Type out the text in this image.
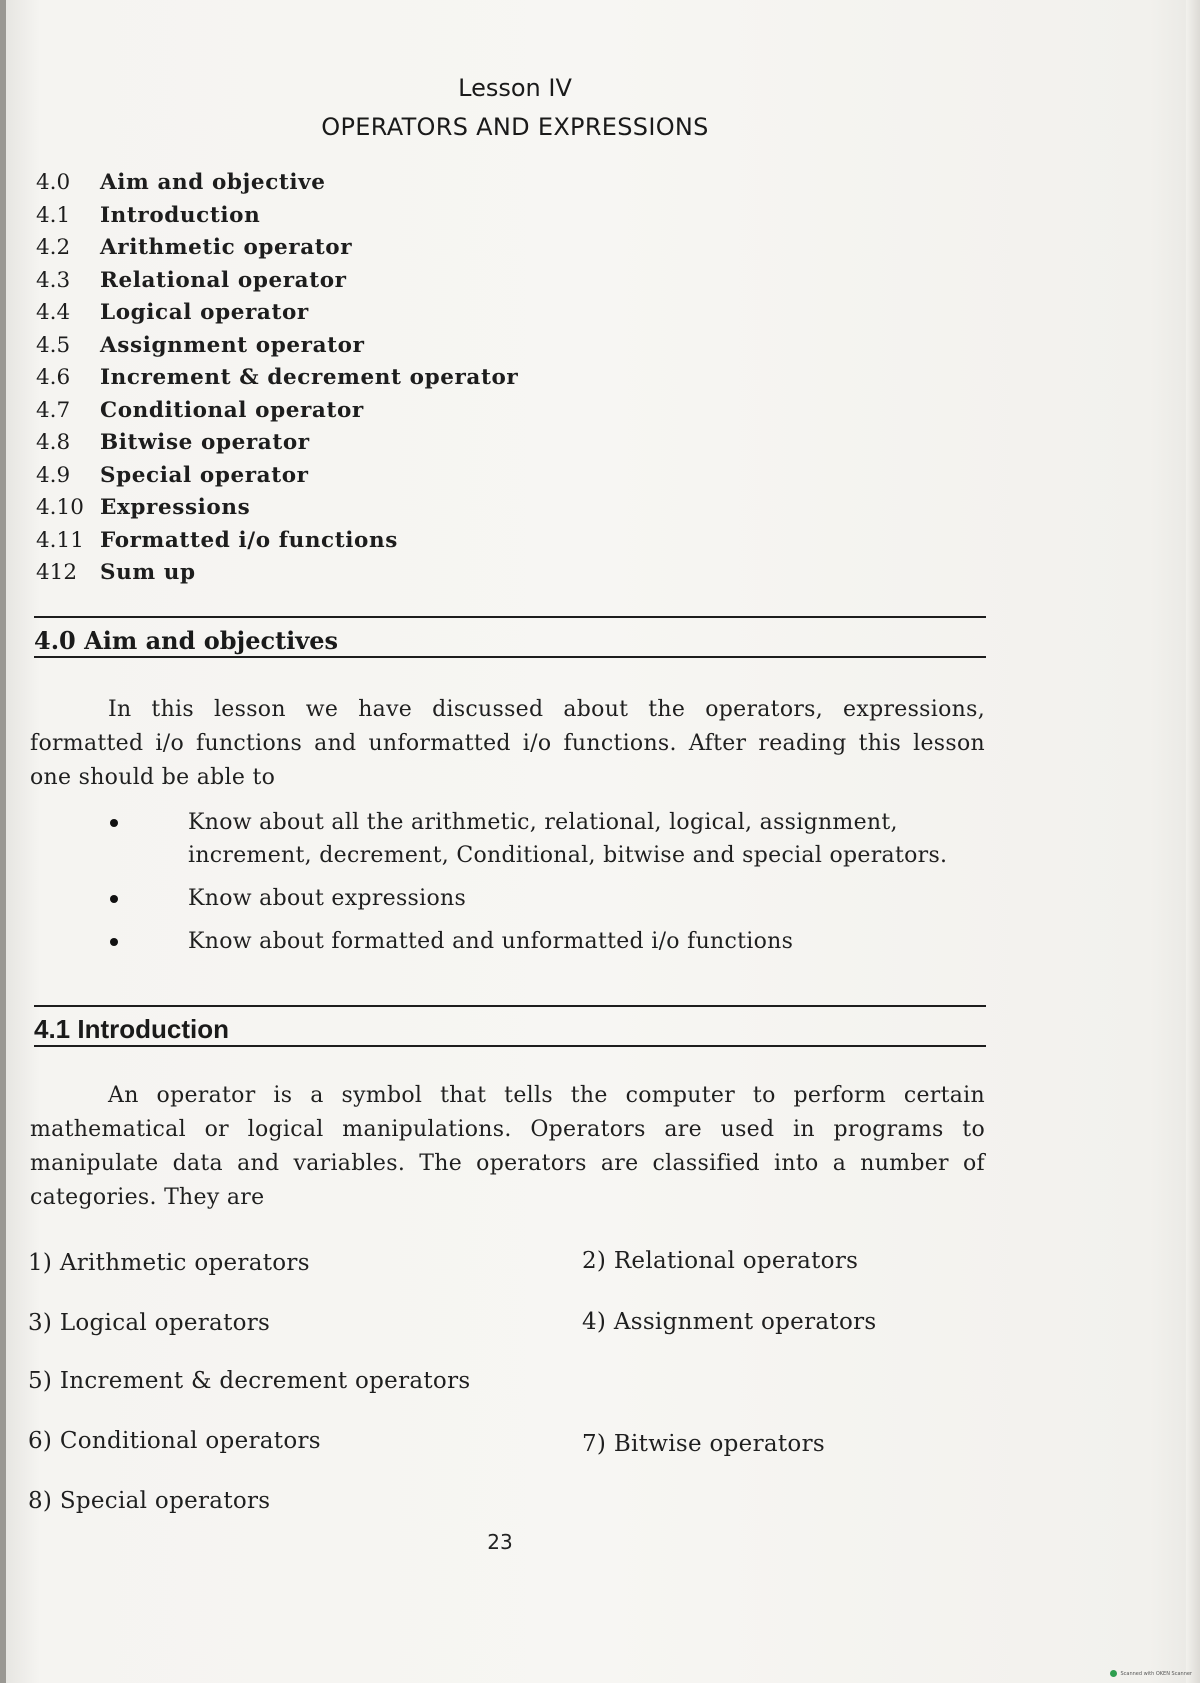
Lesson IV
OPERATORS AND EXPRESSIONS
4.0	Aim and objective
4.1	Introduction
4.2	Arithmetic operator
4.3	Relational operator
4.4	Logical operator
4.5	Assignment operator
4.6	Increment & decrement operator
4.7	Conditional operator
4.8	Bitwise operator
4.9	Special operator
4.10 Expressions
4.11 Formatted i/o functions
412	Sum up
4.0 Aim and objectives

In this lesson we have discussed about the operators, expressions, formatted i/o functions and unformatted i/o functions. After reading this lesson one should be able to

Know about all the arithmetic, relational, logical, assignment, increment, decrement, Conditional, bitwise and special operators.
Know about expressions
Know about formatted and unformatted i/o functions
4.1 Introduction

An operator is a symbol that tells the computer to perform certain mathematical or logical manipulations. Operators are used in programs to manipulate data and variables. The operators are classified into a number of categories. They are

1) Arithmetic operators	2) Relational operators
3) Logical operators	4) Assignment operators
5) Increment & decrement operators
6) Conditional operators	7) Bitwise operators
8) Special operators
23
Scanned with OKEN Scanner
